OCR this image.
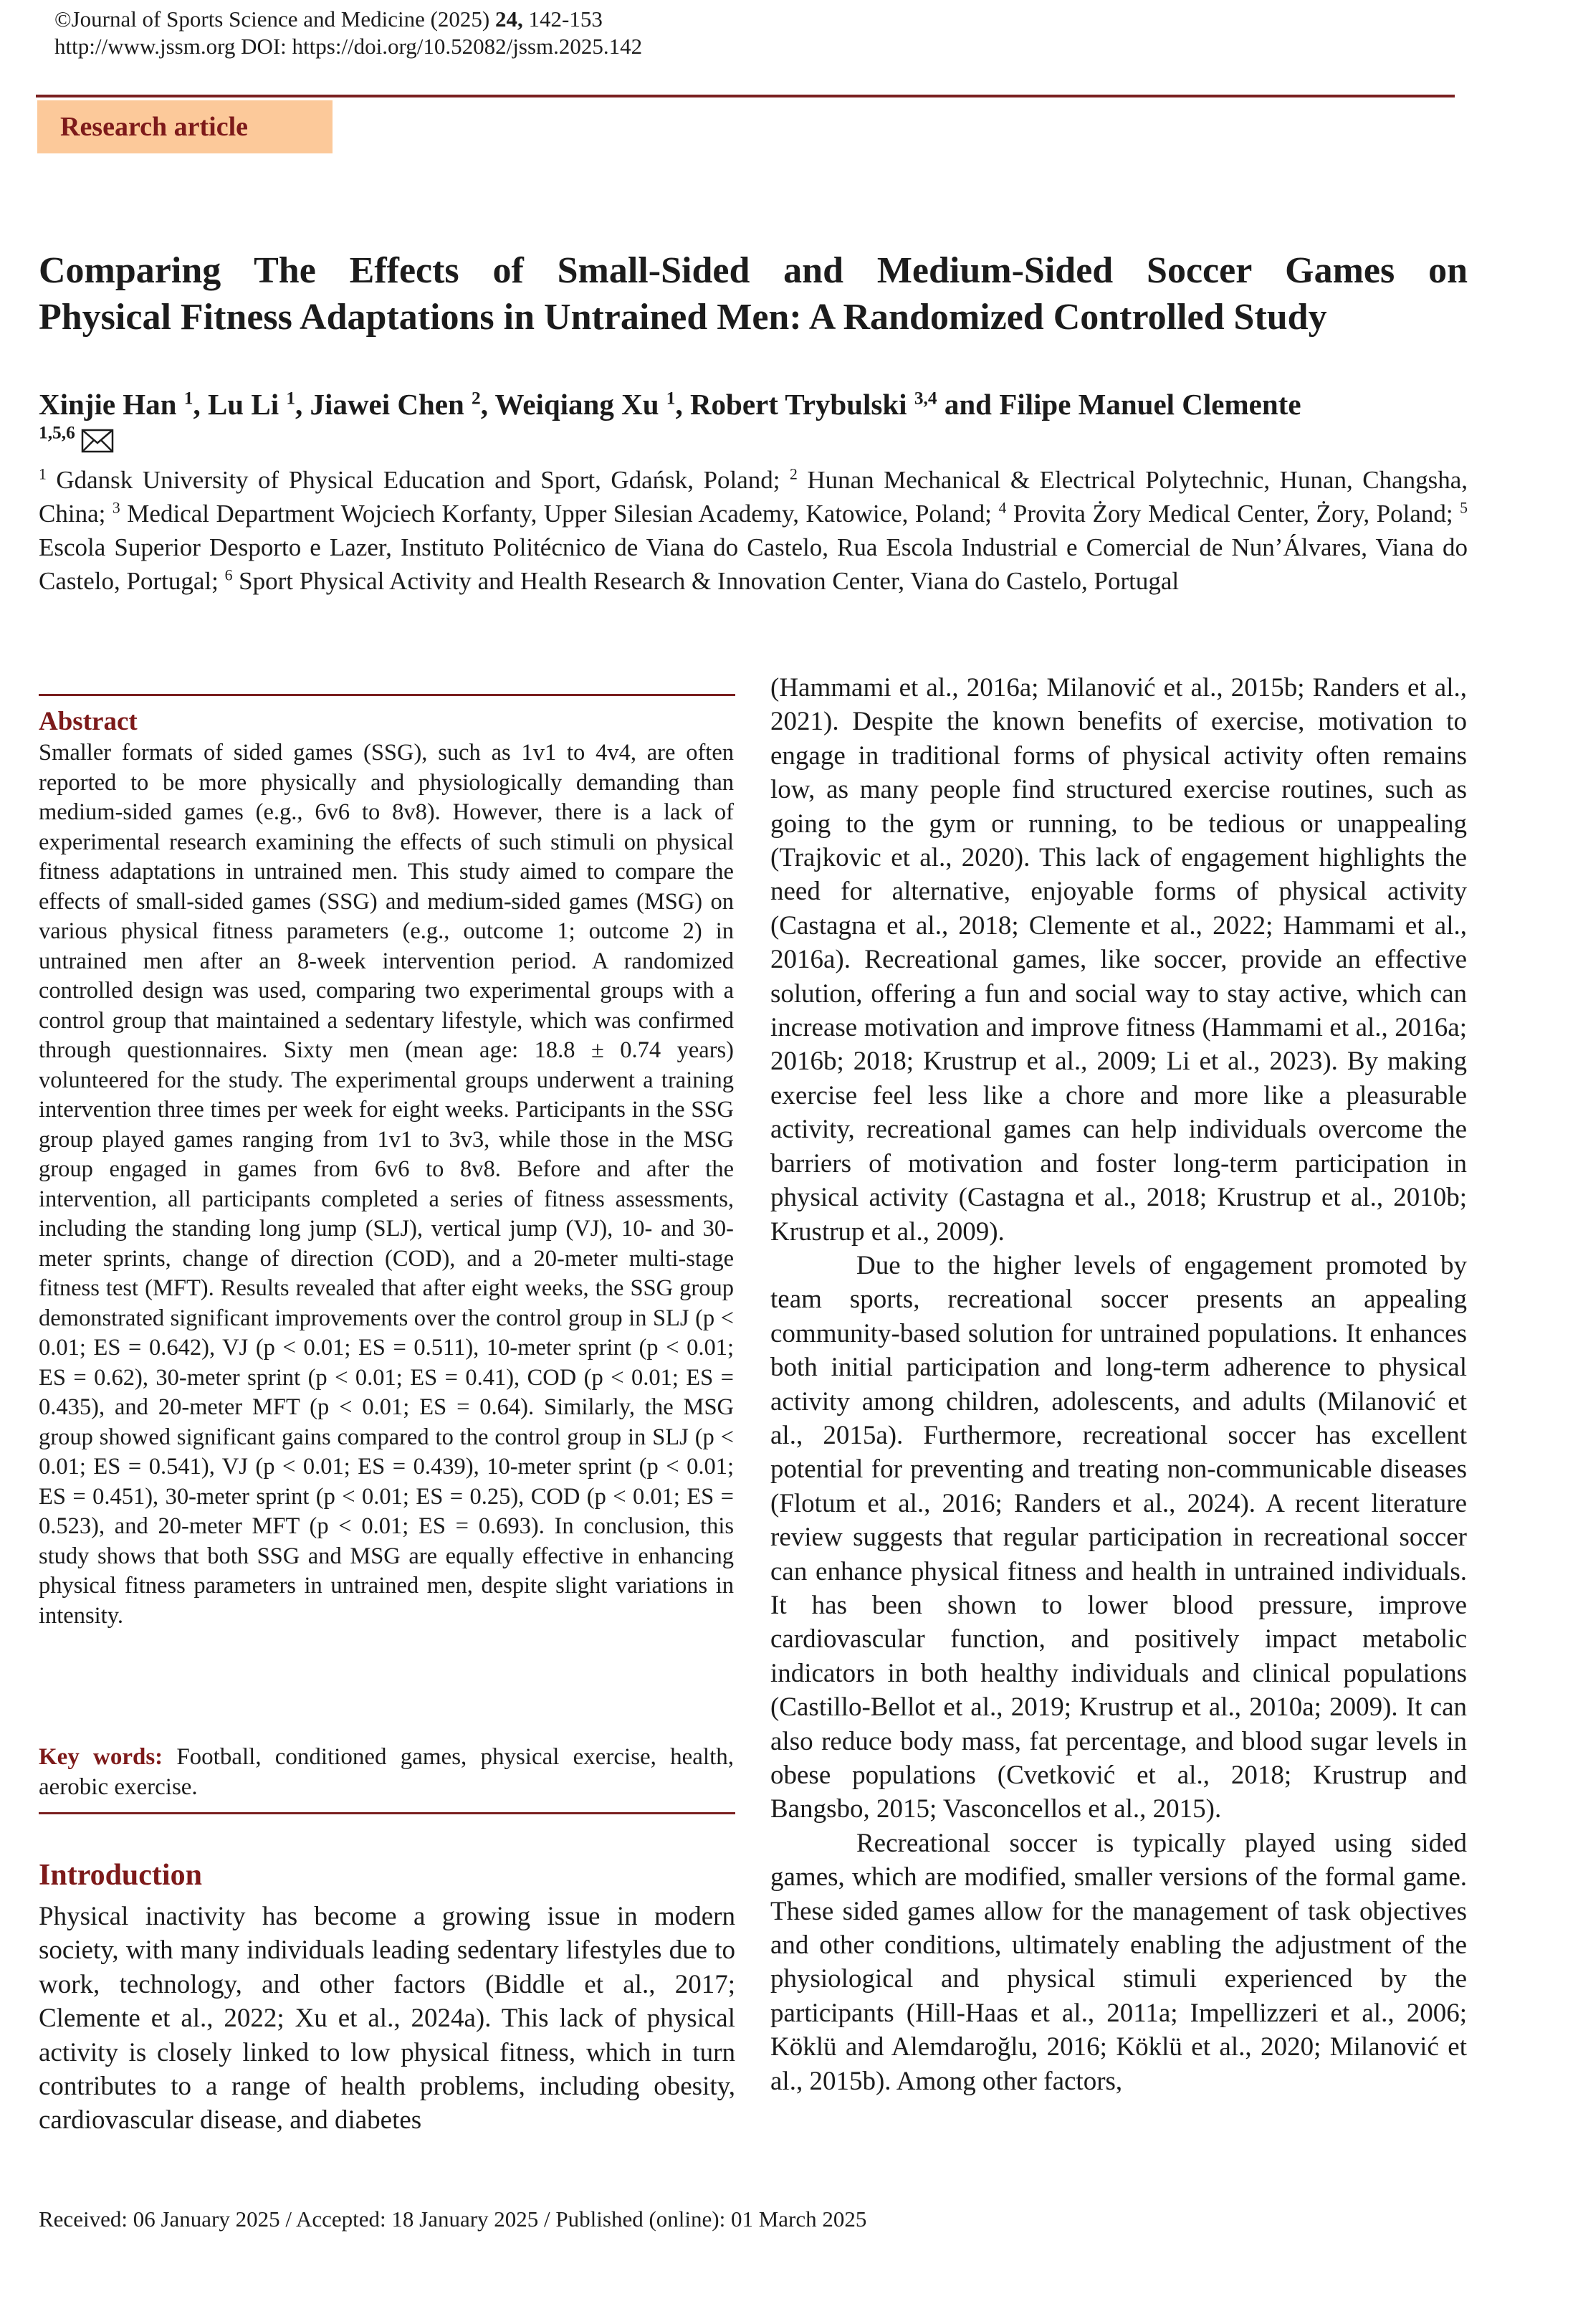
©Journal of Sports Science and Medicine (2025) 24, 142-153
http://www.jssm.org DOI: https://doi.org/10.52082/jssm.2025.142
Research article
Comparing The Effects of Small-Sided and Medium-Sided Soccer Games on
Physical Fitness Adaptations in Untrained Men: A Randomized Controlled Study
Xinjie Han $^1$, Lu Li $^1$, Jiawei Chen $^2$, Weiqiang Xu $^1$, Robert Trybulski $^{3,4}$ and Filipe Manuel Clemente
$^{1,5,6}$
$^1$ Gdansk University of Physical Education and Sport, Gdańsk, Poland; $^2$ Hunan Mechanical & Electrical Polytechnic, Hunan, Changsha, China; $^3$ Medical Department Wojciech Korfanty, Upper Silesian Academy, Katowice, Poland; $^4$ Provita Żory Medical Center, Żory, Poland; $^5$ Escola Superior Desporto e Lazer, Instituto Politécnico de Viana do Castelo, Rua Escola Industrial e Comercial de Nun’Álvares, Viana do Castelo, Portugal; $^6$ Sport Physical Activity and Health Research & Innovation Center, Viana do Castelo, Portugal
Abstract
Smaller formats of sided games (SSG), such as 1v1 to 4v4, are often reported to be more physically and physiologically demanding than medium-sided games (e.g., 6v6 to 8v8). However, there is a lack of experimental research examining the effects of such stimuli on physical fitness adaptations in untrained men. This study aimed to compare the effects of small-sided games (SSG) and medium-sided games (MSG) on various physical fitness parameters (e.g., outcome 1; outcome 2) in untrained men after an 8-week intervention period. A randomized controlled design was used, comparing two experimental groups with a control group that maintained a sedentary lifestyle, which was confirmed through questionnaires. Sixty men (mean age: 18.8 ± 0.74 years) volunteered for the study. The experimental groups underwent a training intervention three times per week for eight weeks. Participants in the SSG group played games ranging from 1v1 to 3v3, while those in the MSG group engaged in games from 6v6 to 8v8. Before and after the intervention, all participants completed a series of fitness assessments, including the standing long jump (SLJ), vertical jump (VJ), 10- and 30-meter sprints, change of direction (COD), and a 20-meter multi-stage fitness test (MFT). Results revealed that after eight weeks, the SSG group demonstrated significant improvements over the control group in SLJ (p < 0.01; ES = 0.642), VJ (p < 0.01; ES = 0.511), 10-meter sprint (p < 0.01; ES = 0.62), 30-meter sprint (p < 0.01; ES = 0.41), COD (p < 0.01; ES = 0.435), and 20-meter MFT (p < 0.01; ES = 0.64). Similarly, the MSG group showed significant gains compared to the control group in SLJ (p < 0.01; ES = 0.541), VJ (p < 0.01; ES = 0.439), 10-meter sprint (p < 0.01; ES = 0.451), 30-meter sprint (p < 0.01; ES = 0.25), COD (p < 0.01; ES = 0.523), and 20-meter MFT (p < 0.01; ES = 0.693). In conclusion, this study shows that both SSG and MSG are equally effective in enhancing physical fitness parameters in untrained men, despite slight variations in intensity.
Key words: Football, conditioned games, physical exercise, health, aerobic exercise.
Introduction
Physical inactivity has become a growing issue in modern society, with many individuals leading sedentary lifestyles due to work, technology, and other factors (Biddle et al., 2017; Clemente et al., 2022; Xu et al., 2024a). This lack of physical activity is closely linked to low physical fitness, which in turn contributes to a range of health problems, including obesity, cardiovascular disease, and diabetes

(Hammami et al., 2016a; Milanović et al., 2015b; Randers et al., 2021). Despite the known benefits of exercise, motivation to engage in traditional forms of physical activity often remains low, as many people find structured exercise routines, such as going to the gym or running, to be tedious or unappealing (Trajkovic et al., 2020). This lack of engagement highlights the need for alternative, enjoyable forms of physical activity (Castagna et al., 2018; Clemente et al., 2022; Hammami et al., 2016a). Recreational games, like soccer, provide an effective solution, offering a fun and social way to stay active, which can increase motivation and improve fitness (Hammami et al., 2016a; 2016b; 2018; Krustrup et al., 2009; Li et al., 2023). By making exercise feel less like a chore and more like a pleasurable activity, recreational games can help individuals overcome the barriers of motivation and foster long-term participation in physical activity (Castagna et al., 2018; Krustrup et al., 2010b; Krustrup et al., 2009).

Due to the higher levels of engagement promoted by team sports, recreational soccer presents an appealing community-based solution for untrained populations. It enhances both initial participation and long-term adherence to physical activity among children, adolescents, and adults (Milanović et al., 2015a). Furthermore, recreational soccer has excellent potential for preventing and treating non-communicable diseases (Flotum et al., 2016; Randers et al., 2024). A recent literature review suggests that regular participation in recreational soccer can enhance physical fitness and health in untrained individuals. It has been shown to lower blood pressure, improve cardiovascular function, and positively impact metabolic indicators in both healthy individuals and clinical populations (Castillo-Bellot et al., 2019; Krustrup et al., 2010a; 2009). It can also reduce body mass, fat percentage, and blood sugar levels in obese populations (Cvetković et al., 2018; Krustrup and Bangsbo, 2015; Vasconcellos et al., 2015).

Recreational soccer is typically played using sided games, which are modified, smaller versions of the formal game. These sided games allow for the management of task objectives and other conditions, ultimately enabling the adjustment of the physiological and physical stimuli experienced by the participants (Hill-Haas et al., 2011a; Impellizzeri et al., 2006; Köklü and Alemdaroğlu, 2016; Köklü et al., 2020; Milanović et al., 2015b). Among other factors,

Received: 06 January 2025 / Accepted: 18 January 2025 / Published (online): 01 March 2025
